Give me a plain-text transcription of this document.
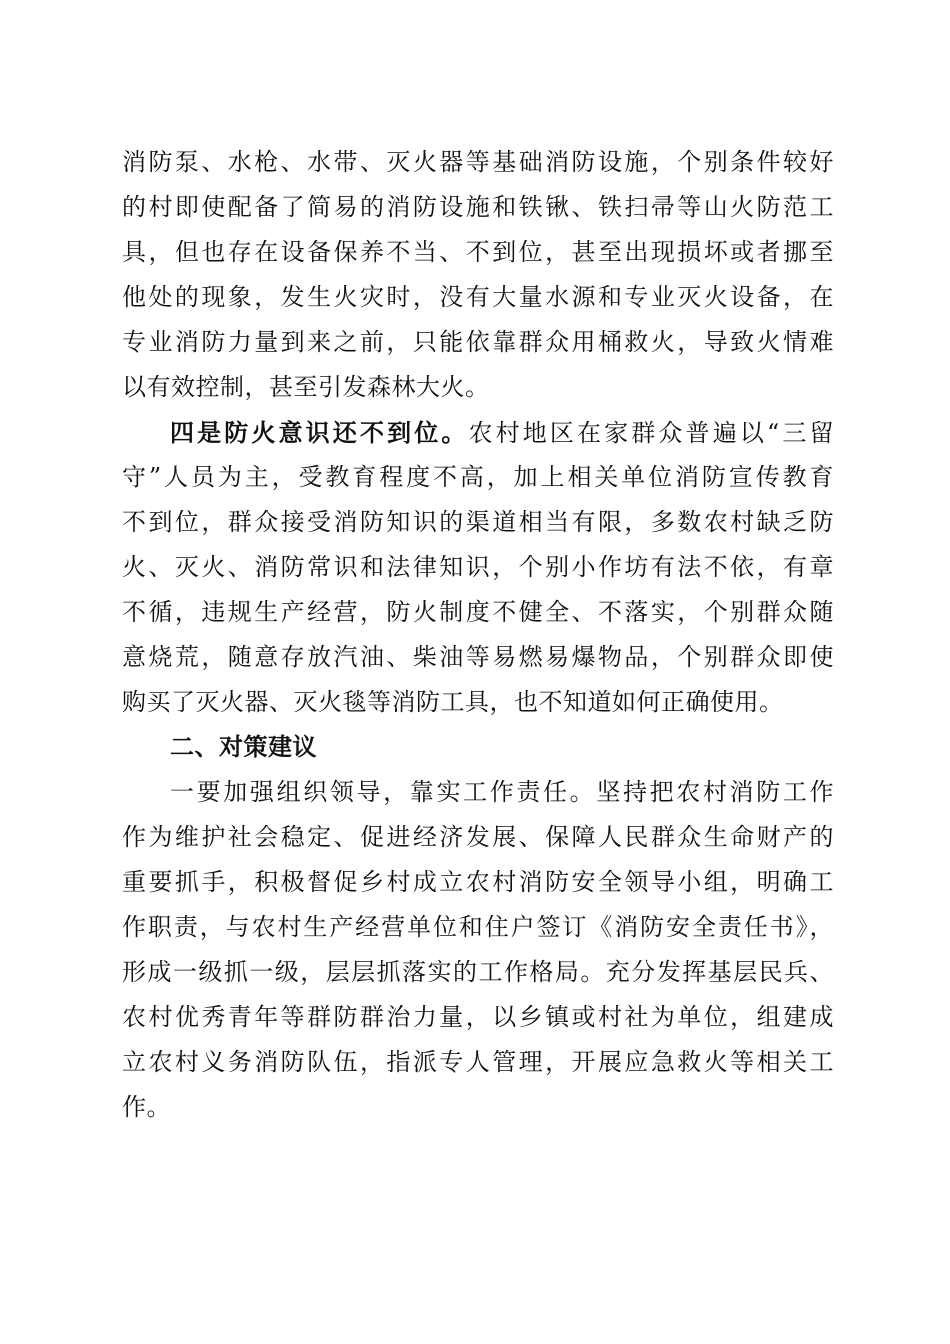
消防泵、水枪、水带、灭火器等基础消防设施，个别条件较好
的村即使配备了简易的消防设施和铁锹、铁扫帚等山火防范工
具，但也存在设备保养不当、不到位，甚至出现损坏或者挪至
他处的现象，发生火灾时，没有大量水源和专业灭火设备，在
专业消防力量到来之前，只能依靠群众用桶救火，导致火情难
以有效控制，甚至引发森林大火。
四是防火意识还不到位。农村地区在家群众普遍以“三留
守”人员为主，受教育程度不高，加上相关单位消防宣传教育
不到位，群众接受消防知识的渠道相当有限，多数农村缺乏防
火、灭火、消防常识和法律知识，个别小作坊有法不依，有章
不循，违规生产经营，防火制度不健全、不落实，个别群众随
意烧荒，随意存放汽油、柴油等易燃易爆物品，个别群众即使
购买了灭火器、灭火毯等消防工具，也不知道如何正确使用。
二、对策建议
一要加强组织领导，靠实工作责任。坚持把农村消防工作
作为维护社会稳定、促进经济发展、保障人民群众生命财产的
重要抓手，积极督促乡村成立农村消防安全领导小组，明确工
作职责，与农村生产经营单位和住户签订《消防安全责任书》，
形成一级抓一级，层层抓落实的工作格局。充分发挥基层民兵、
农村优秀青年等群防群治力量，以乡镇或村社为单位，组建成
立农村义务消防队伍，指派专人管理，开展应急救火等相关工
作。
